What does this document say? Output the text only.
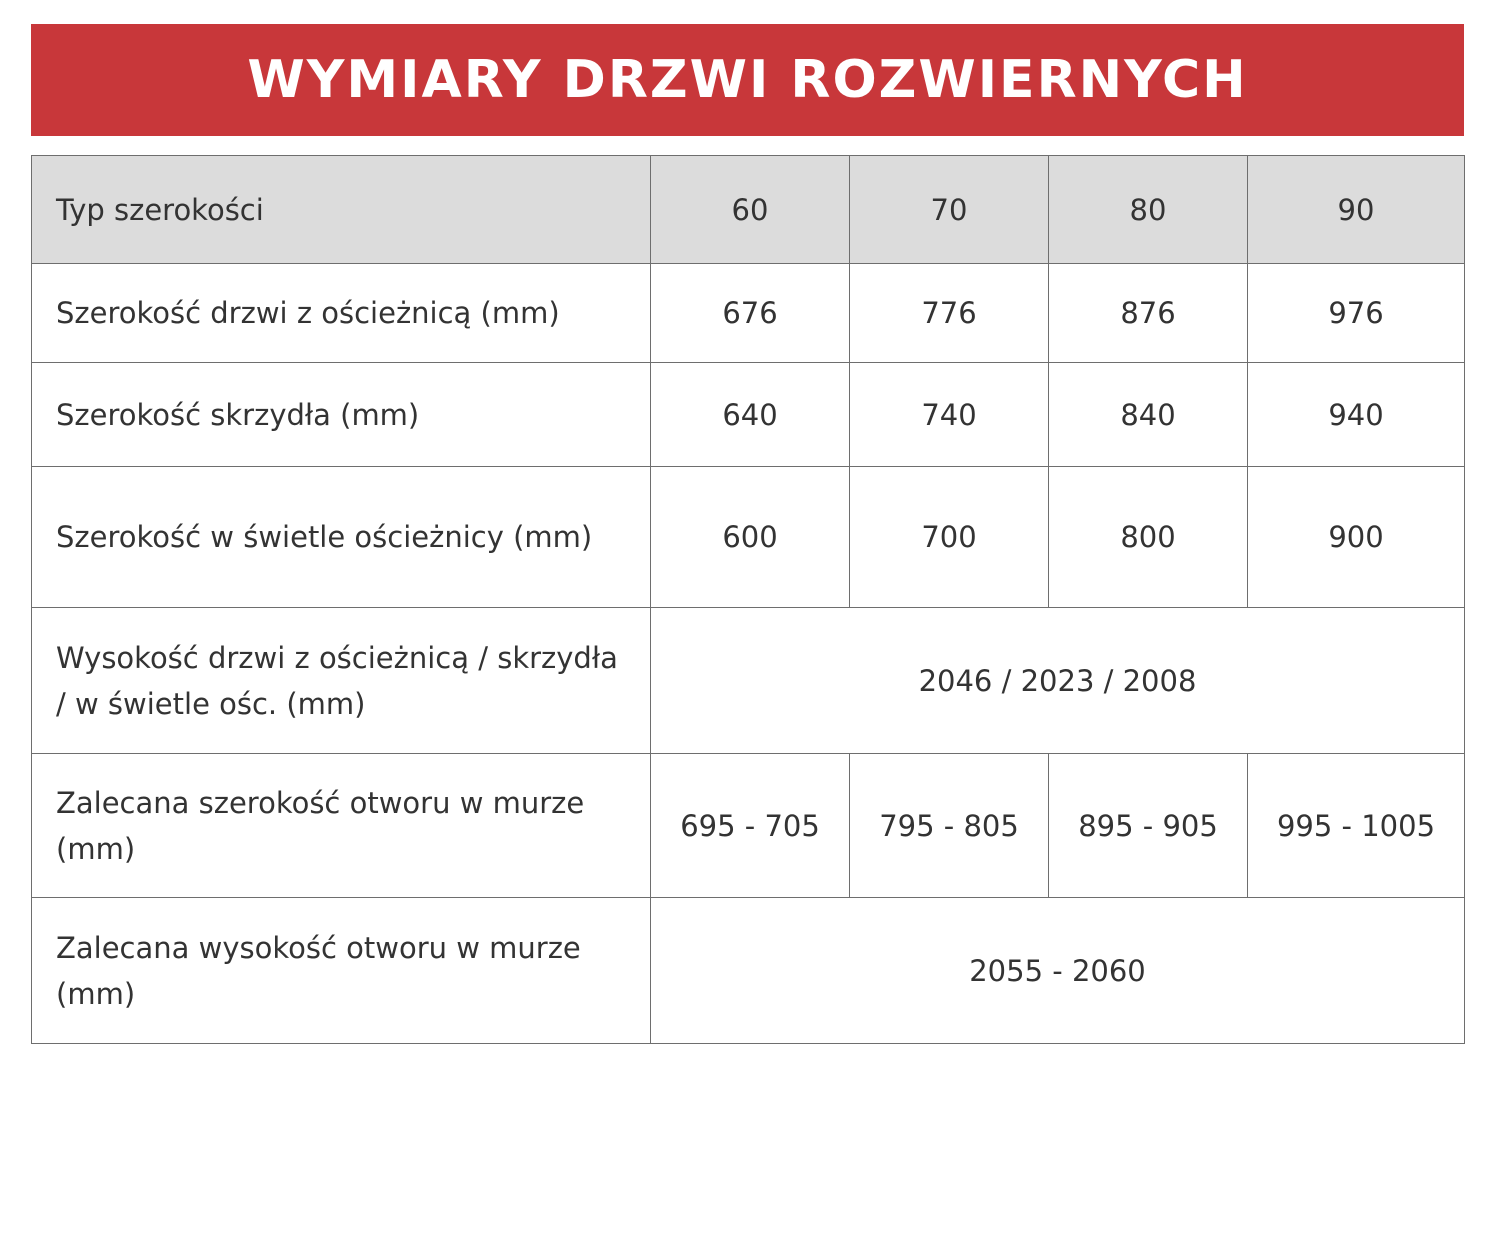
WYMIARY DRZWI ROZWIERNYCH
Typ szerokości	60	70	80	90
Szerokość drzwi z ościeżnicą (mm)	676	776	876	976
Szerokość skrzydła (mm)	640	740	840	940
Szerokość w świetle ościeżnicy (mm)	600	700	800	900
Wysokość drzwi z ościeżnicą / skrzydła / w świetle ośc. (mm)	2046 / 2023 / 2008			
Zalecana szerokość otworu w murze (mm)	695 - 705	795 - 805	895 - 905	995 - 1005
Zalecana wysokość otworu w murze (mm)	2055 - 2060			
